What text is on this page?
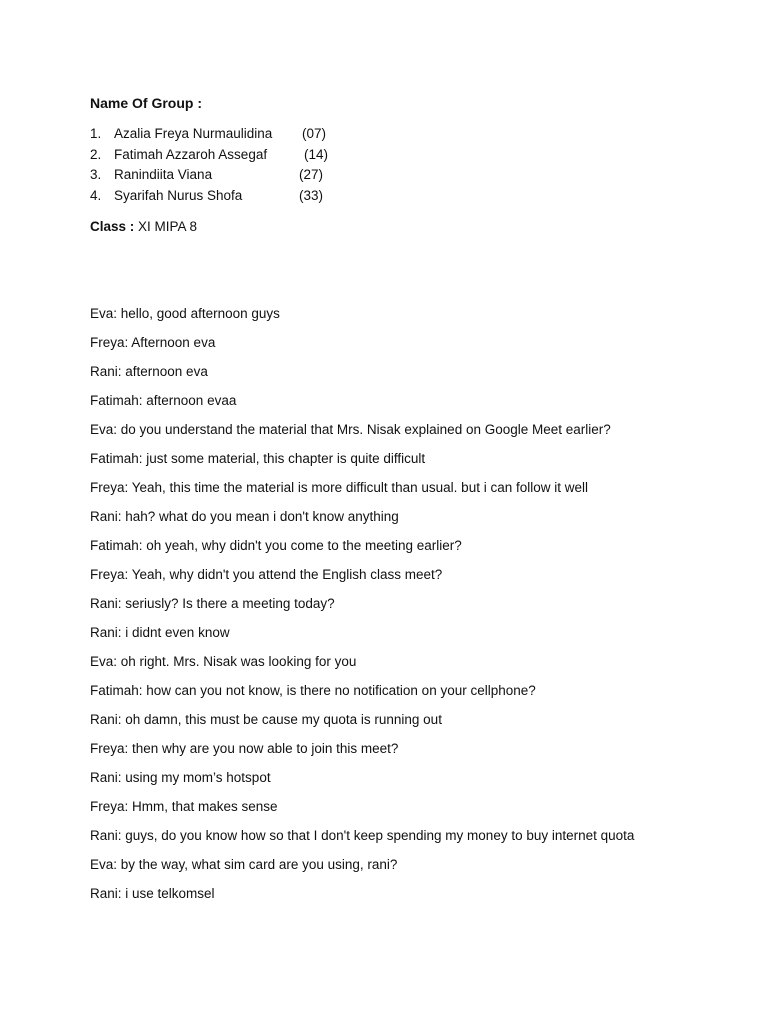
Name Of Group :
1. Azalia Freya Nurmaulidina (07)
2. Fatimah Azzaroh Assegaf	(14)
3. Ranindiita Viana	(27)
4. Syarifah Nurus Shofa	(33)
Class : XI MIPA 8
Eva: hello, good afternoon guys
Freya: Afternoon eva
Rani: afternoon eva
Fatimah: afternoon evaa
Eva: do you understand the material that Mrs. Nisak explained on Google Meet earlier?
Fatimah: just some material, this chapter is quite difficult
Freya: Yeah, this time the material is more difficult than usual. but i can follow it well
Rani: hah? what do you mean i don't know anything
Fatimah: oh yeah, why didn't you come to the meeting earlier?
Freya: Yeah, why didn't you attend the English class meet?
Rani: seriusly? Is there a meeting today?
Rani: i didnt even know
Eva: oh right. Mrs. Nisak was looking for you
Fatimah: how can you not know, is there no notification on your cellphone?
Rani: oh damn, this must be cause my quota is running out
Freya: then why are you now able to join this meet?
Rani: using my mom’s hotspot
Freya: Hmm, that makes sense
Rani: guys, do you know how so that I don't keep spending my money to buy internet quota
Eva: by the way, what sim card are you using, rani?
Rani: i use telkomsel
